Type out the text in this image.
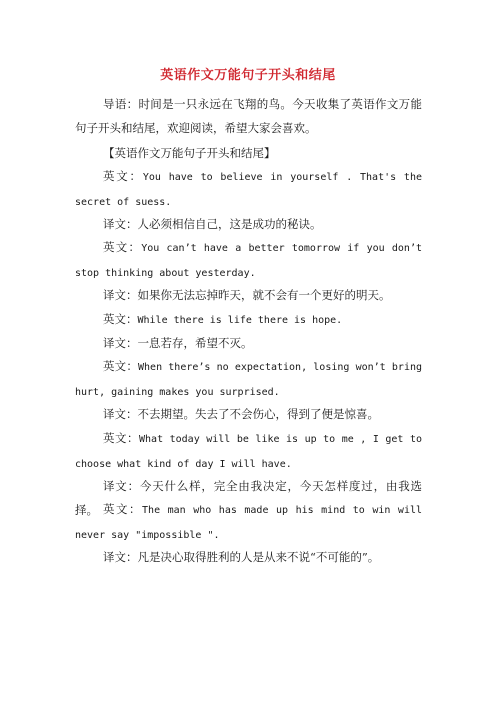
英语作文万能句子开头和结尾
导语：时间是一只永远在飞翔的鸟。今天收集了英语作文万能句子开头和结尾，欢迎阅读，希望大家会喜欢。
【英语作文万能句子开头和结尾】
英文：You have to believe in yourself . That's the secret of suess.
译文：人必须相信自己，这是成功的秘诀。
英文：You can’t have a better tomorrow if you don’t stop thinking about yesterday.
译文：如果你无法忘掉昨天，就不会有一个更好的明天。
英文：While there is life there is hope.
译文：一息若存，希望不灭。
英文：When there’s no expectation, losing won’t bring hurt, gaining makes you surprised.
译文：不去期望。失去了不会伤心，得到了便是惊喜。
英文：What today will be like is up to me , I get to choose what kind of day I will have.
译文：今天什么样，完全由我决定，今天怎样度过，由我选择。 英文：The man who has made up his mind to win will never say "impossible ".
译文：凡是决心取得胜利的人是从来不说“不可能的”。
